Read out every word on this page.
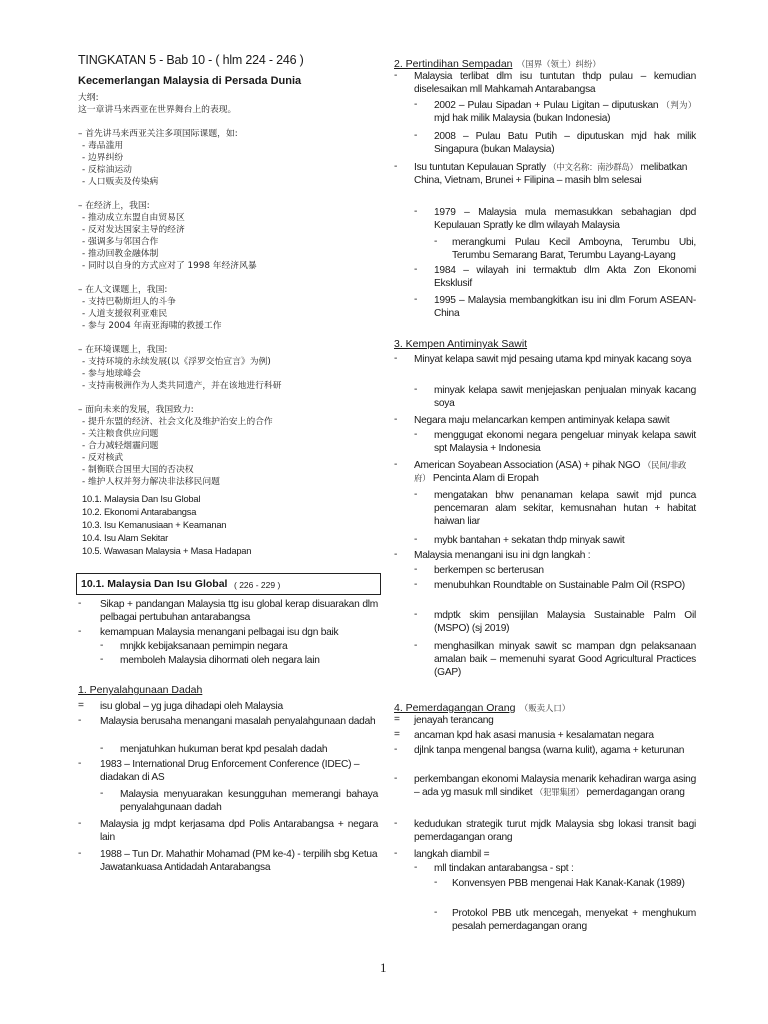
TINGKATAN 5 - Bab 10 - ( hlm 224 - 246 )
Kecemerlangan Malaysia di Persada Dunia
大纲:
这一章讲马来西亚在世界舞台上的表现。
– 首先讲马来西亚关注多项国际课题，如:
- 毒品滥用
- 边界纠纷
- 反棕油运动
- 人口贩卖及传染病
– 在经济上，我国:
- 推动成立东盟自由贸易区
- 反对发达国家主导的经济
- 强调多与邻国合作
- 推动回教金融体制
- 同时以自身的方式应对了 1998 年经济风暴
– 在人文课题上，我国:
- 支持巴勒斯坦人的斗争
- 人道支援叙利亚难民
- 参与 2004 年南亚海啸的救援工作
– 在环境课题上，我国:
- 支持环境的永续发展(以《浮罗交怡宣言》为例)
- 参与地球峰会
- 支持南极洲作为人类共同遗产，并在该地进行科研
– 面向未来的发展，我国致力:
- 提升东盟的经济、社会文化及维护治安上的合作
- 关注粮食供应问题
- 合力减轻烟霾问题
- 反对核武
- 制衡联合国里大国的否决权
- 维护人权并努力解决非法移民问题
10.1. Malaysia Dan Isu Global
10.2. Ekonomi Antarabangsa
10.3. Isu Kemanusiaan + Keamanan
10.4. Isu Alam Sekitar
10.5. Wawasan Malaysia + Masa Hadapan
10.1. Malaysia Dan Isu Global ( 226 - 229 )
- Sikap + pandangan Malaysia ttg isu global kerap disuarakan dlm pelbagai pertubuhan antarabangsa
- kemampuan Malaysia menangani pelbagai isu dgn baik
- mnjkk kebijaksanaan pemimpin negara
- memboleh Malaysia dihormati oleh negara lain
1. Penyalahgunaan Dadah
= isu global – yg juga dihadapi oleh Malaysia
- Malaysia berusaha menangani masalah penyalahgunaan dadah
- menjatuhkan hukuman berat kpd pesalah dadah
- 1983 – International Drug Enforcement Conference (IDEC) – diadakan di AS
- Malaysia menyuarakan kesungguhan memerangi bahaya penyalahgunaan dadah
- Malaysia jg mdpt kerjasama dpd Polis Antarabangsa + negara lain
- 1988 – Tun Dr. Mahathir Mohamad (PM ke-4) - terpilih sbg Ketua Jawatankuasa Antidadah Antarabangsa
2. Pertindihan Sempadan （国界（领土）纠纷）
- Malaysia terlibat dlm isu tuntutan thdp pulau – kemudian diselesaikan mll Mahkamah Antarabangsa
- 2002 – Pulau Sipadan + Pulau Ligitan – diputuskan （判为） mjd hak milik Malaysia (bukan Indonesia)
- 2008 – Pulau Batu Putih – diputuskan mjd hak milik Singapura (bukan Malaysia)
- Isu tuntutan Kepulauan Spratly （中文名称：南沙群岛） melibatkan China, Vietnam, Brunei + Filipina – masih blm selesai
- 1979 – Malaysia mula memasukkan sebahagian dpd Kepulauan Spratly ke dlm wilayah Malaysia
- merangkumi Pulau Kecil Amboyna, Terumbu Ubi, Terumbu Semarang Barat, Terumbu Layang-Layang
- 1984 – wilayah ini termaktub dlm Akta Zon Ekonomi Eksklusif
- 1995 – Malaysia membangkitkan isu ini dlm Forum ASEAN-China
3. Kempen Antiminyak Sawit
- Minyat kelapa sawit mjd pesaing utama kpd minyak kacang soya
- minyak kelapa sawit menjejaskan penjualan minyak kacang soya
- Negara maju melancarkan kempen antiminyak kelapa sawit
- menggugat ekonomi negara pengeluar minyak kelapa sawit spt Malaysia + Indonesia
- American Soyabean Association (ASA) + pihak NGO （民间/非政府） Pencinta Alam di Eropah
- mengatakan bhw penanaman kelapa sawit mjd punca pencemaran alam sekitar, kemusnahan hutan + habitat haiwan liar
- mybk bantahan + sekatan thdp minyak sawit
- Malaysia menangani isu ini dgn langkah :
- berkempen sc berterusan
- menubuhkan Roundtable on Sustainable Palm Oil (RSPO)
- mdptk skim pensijilan Malaysia Sustainable Palm Oil (MSPO) (sj 2019)
- menghasilkan minyak sawit sc mampan dgn pelaksanaan amalan baik – memenuhi syarat Good Agricultural Practices (GAP)
4. Pemerdagangan Orang （贩卖人口）
= jenayah terancang
= ancaman kpd hak asasi manusia + kesalamatan negara
- djlnk tanpa mengenal bangsa (warna kulit), agama + keturunan
- perkembangan ekonomi Malaysia menarik kehadiran warga asing – ada yg masuk mll sindiket （犯罪集团） pemerdagangan orang
- kedudukan strategik turut mjdk Malaysia sbg lokasi transit bagi pemerdagangan orang
- langkah diambil =
- mll tindakan antarabangsa - spt :
- Konvensyen PBB mengenai Hak Kanak-Kanak (1989)
- Protokol PBB utk mencegah, menyekat + menghukum pesalah pemerdagangan orang
1
